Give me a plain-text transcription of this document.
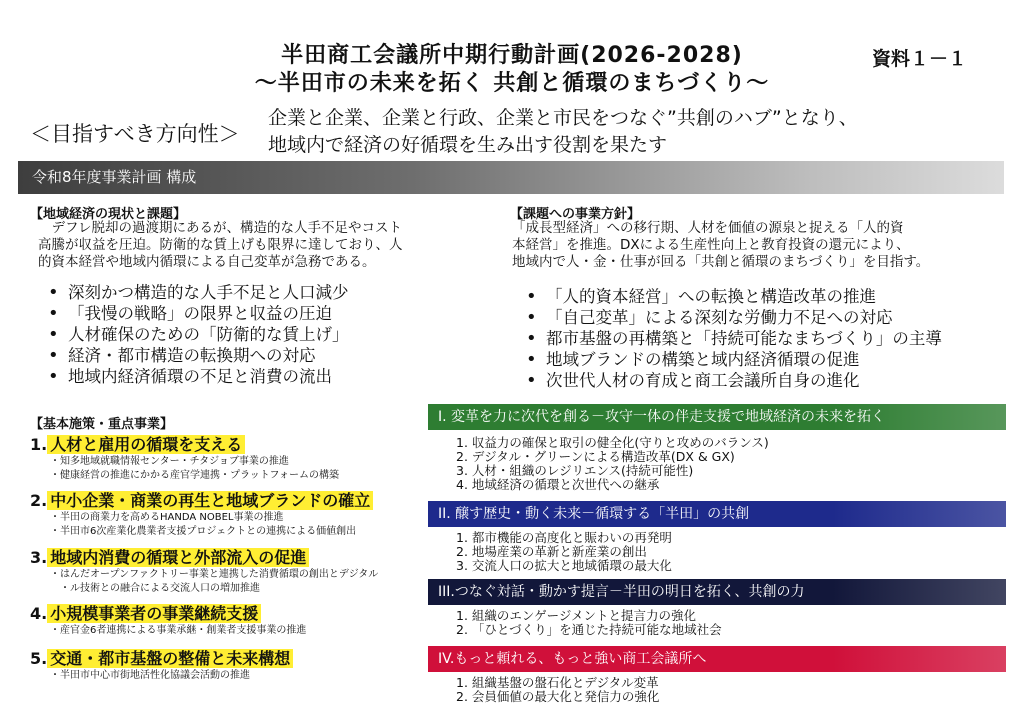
半田商工会議所中期行動計画(2026-2028)
～半田市の未来を拓く 共創と循環のまちづくり～
資料１－１
＜目指すべき方向性＞
企業と企業、企業と行政、企業と市民をつなぐ”共創のハブ”となり、
地域内で経済の好循環を生み出す役割を果たす
令和8年度事業計画 構成
【地域経済の現状と課題】
　デフレ脱却の過渡期にあるが、構造的な人手不足やコスト
高騰が収益を圧迫。防衛的な賃上げも限界に達しており、人
的資本経営や地域内循環による自己変革が急務である。
• 深刻かつ構造的な人手不足と人口減少
• 「我慢の戦略」の限界と収益の圧迫
• 人材確保のための「防衛的な賃上げ」
• 経済・都市構造の転換期への対応
• 地域内経済循環の不足と消費の流出
【課題への事業方針】
「成長型経済」への移行期、人材を価値の源泉と捉える「人的資
本経営」を推進。DXによる生産性向上と教育投資の還元により、
地域内で人・金・仕事が回る「共創と循環のまちづくり」を目指す。
• 「人的資本経営」への転換と構造改革の推進
• 「自己変革」による深刻な労働力不足への対応
• 都市基盤の再構築と「持続可能なまちづくり」の主導
• 地域ブランドの構築と域内経済循環の促進
• 次世代人材の育成と商工会議所自身の進化
【基本施策・重点事業】
1. 人材と雇用の循環を支える
・ 知多地域就職情報センター・チタジョブ事業の推進
・ 健康経営の推進にかかる産官学連携・プラットフォームの構築
2. 中小企業・商業の再生と地域ブランドの確立
・ 半田の商業力を高めるHANDA NOBEL事業の推進
・ 半田市6次産業化農業者支援プロジェクトとの連携による価値創出
3. 地域内消費の循環と外部流入の促進
・ はんだオープンファクトリー事業と連携した消費循環の創出とデジタル
・ ル技術との融合による交流人口の増加推進
4. 小規模事業者の事業継続支援
・ 産官金6者連携による事業承継・創業者支援事業の推進
5. 交通・都市基盤の整備と未来構想
・ 半田市中心市街地活性化協議会活動の推進
I. 変革を力に次代を創る－攻守一体の伴走支援で地域経済の未来を拓く
1. 収益力の確保と取引の健全化(守りと攻めのバランス)
2. デジタル・グリーンによる構造改革(DX & GX)
3. 人材・組織のレジリエンス(持続可能性)
4. 地域経済の循環と次世代への継承
II. 醸す歴史・動く未来－循環する「半田」の共創
1. 都市機能の高度化と賑わいの再発明
2. 地場産業の革新と新産業の創出
3. 交流人口の拡大と地域循環の最大化
III.つなぐ対話・動かす提言－半田の明日を拓く、共創の力
1. 組織のエンゲージメントと提言力の強化
2. 「ひとづくり」を通じた持続可能な地域社会
IV.もっと頼れる、もっと強い商工会議所へ
1. 組織基盤の盤石化とデジタル変革
2. 会員価値の最大化と発信力の強化
